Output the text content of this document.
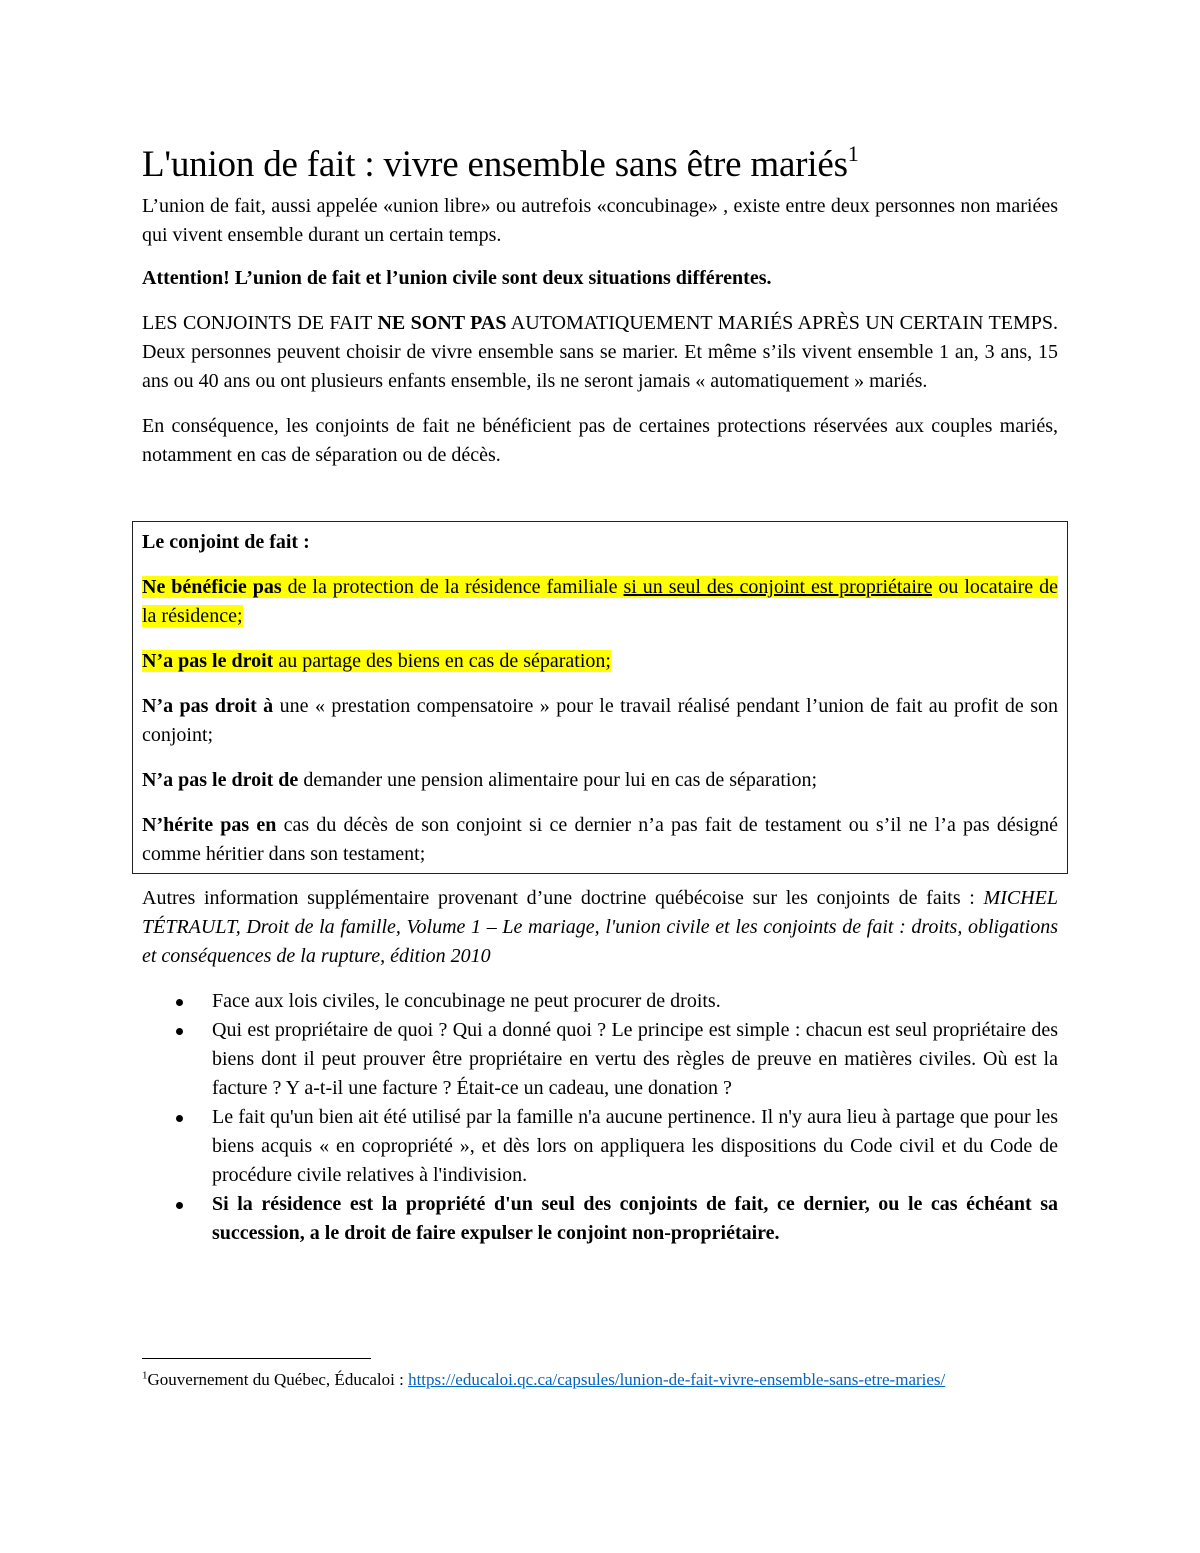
L'union de fait : vivre ensemble sans être mariés$^1$

L’union de fait, aussi appelée «union libre» ou autrefois «concubinage» , existe entre deux personnes non mariées qui vivent ensemble durant un certain temps.

Attention! L’union de fait et l’union civile sont deux situations différentes.

LES CONJOINTS DE FAIT NE SONT PAS AUTOMATIQUEMENT MARIÉS APRÈS UN CERTAIN TEMPS. Deux personnes peuvent choisir de vivre ensemble sans se marier. Et même s’ils vivent ensemble 1 an, 3 ans, 15 ans ou 40 ans ou ont plusieurs enfants ensemble, ils ne seront jamais « automatiquement » mariés.

En conséquence, les conjoints de fait ne bénéficient pas de certaines protections réservées aux couples mariés, notamment en cas de séparation ou de décès.

Le conjoint de fait :

Ne bénéficie pas de la protection de la résidence familiale si un seul des conjoint est propriétaire ou locataire de la résidence;

N’a pas le droit au partage des biens en cas de séparation;

N’a pas droit à une « prestation compensatoire » pour le travail réalisé pendant l’union de fait au profit de son conjoint;

N’a pas le droit de demander une pension alimentaire pour lui en cas de séparation;

N’hérite pas en cas du décès de son conjoint si ce dernier n’a pas fait de testament ou s’il ne l’a pas désigné comme héritier dans son testament;

Autres information supplémentaire provenant d’une doctrine québécoise sur les conjoints de faits : MICHEL TÉTRAULT, Droit de la famille, Volume 1 – Le mariage, l'union civile et les conjoints de fait : droits, obligations et conséquences de la rupture, édition 2010

Face aux lois civiles, le concubinage ne peut procurer de droits.
Qui est propriétaire de quoi ? Qui a donné quoi ? Le principe est simple : chacun est seul propriétaire des biens dont il peut prouver être propriétaire en vertu des règles de preuve en matières civiles. Où est la facture ? Y a-t-il une facture ? Était-ce un cadeau, une donation ?
Le fait qu'un bien ait été utilisé par la famille n'a aucune pertinence. Il n'y aura lieu à partage que pour les biens acquis « en copropriété », et dès lors on appliquera les dispositions du Code civil et du Code de procédure civile relatives à l'indivision.
Si la résidence est la propriété d'un seul des conjoints de fait, ce dernier, ou le cas échéant sa succession, a le droit de faire expulser le conjoint non-propriétaire.
$^1$Gouvernement du Québec, Éducaloi : https://educaloi.qc.ca/capsules/lunion-de-fait-vivre-ensemble-sans-etre-maries/
